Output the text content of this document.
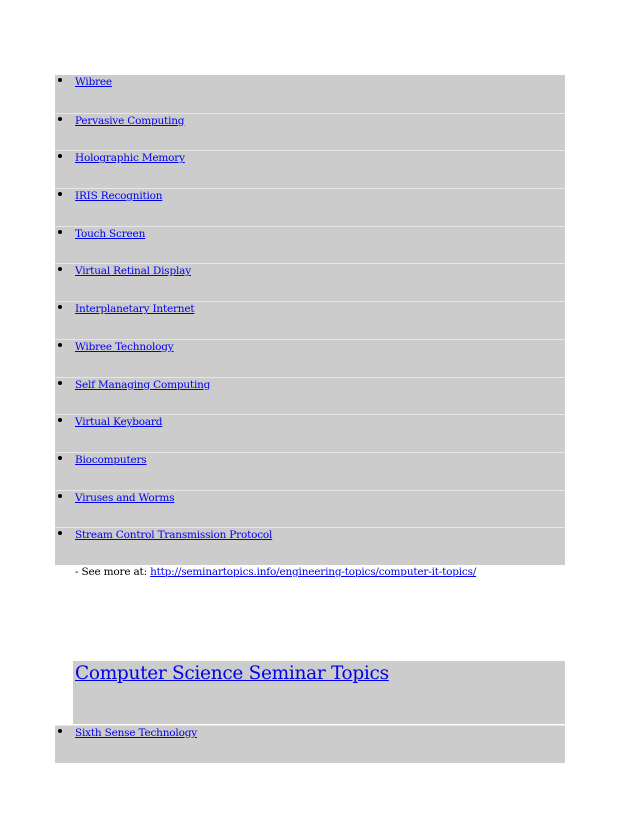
Wibree
Pervasive Computing
Holographic Memory
IRIS Recognition
Touch Screen
Virtual Retinal Display
Interplanetary Internet
Wibree Technology
Self Managing Computing
Virtual Keyboard
Biocomputers
Viruses and Worms
Stream Control Transmission Protocol
- See more at: http://seminartopics.info/engineering-topics/computer-it-topics/
Computer Science Seminar Topics
Sixth Sense Technology
